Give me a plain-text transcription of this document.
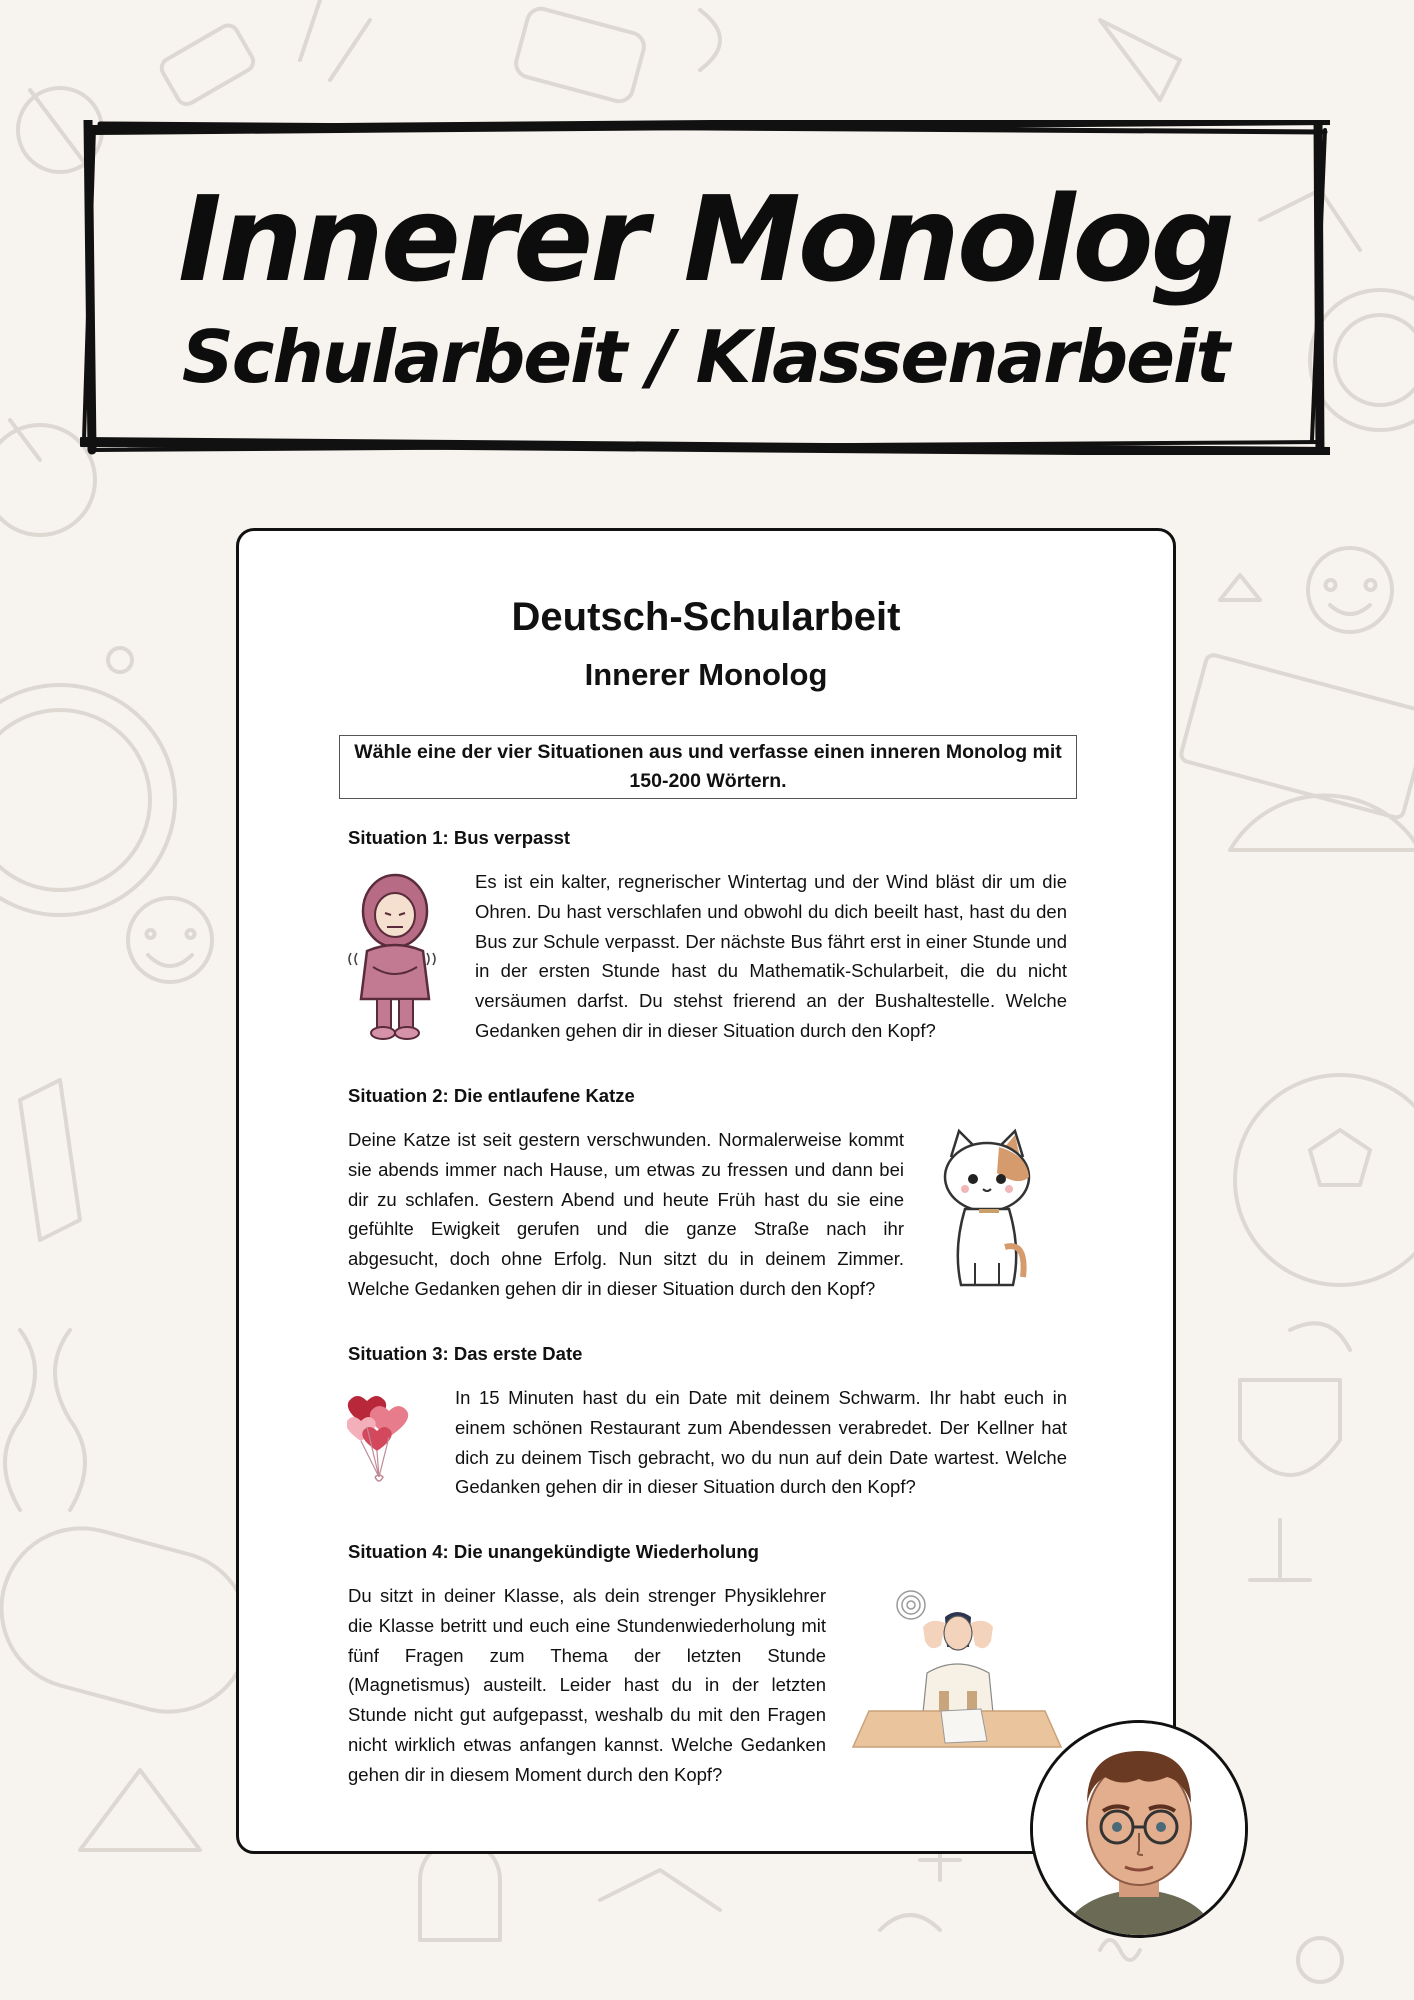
Innerer Monolog
Schularbeit / Klassenarbeit
Deutsch-Schularbeit
Innerer Monolog
Wähle eine der vier Situationen aus und verfasse einen inneren Monolog mit 150-200 Wörtern.
Situation 1: Bus verpasst

Es ist ein kalter, regnerischer Wintertag und der Wind bläst dir um die Ohren. Du hast verschlafen und obwohl du dich beeilt hast, hast du den Bus zur Schule verpasst. Der nächste Bus fährt erst in einer Stunde und in der ersten Stunde hast du Mathematik-Schularbeit, die du nicht versäumen darfst. Du stehst frierend an der Bushaltestelle. Welche Gedanken gehen dir in dieser Situation durch den Kopf?

Situation 2: Die entlaufene Katze

Deine Katze ist seit gestern verschwunden. Normalerweise kommt sie abends immer nach Hause, um etwas zu fressen und dann bei dir zu schlafen. Gestern Abend und heute Früh hast du sie eine gefühlte Ewigkeit gerufen und die ganze Straße nach ihr abgesucht, doch ohne Erfolg. Nun sitzt du in deinem Zimmer. Welche Gedanken gehen dir in dieser Situation durch den Kopf?

Situation 3: Das erste Date

In 15 Minuten hast du ein Date mit deinem Schwarm. Ihr habt euch in einem schönen Restaurant zum Abendessen verabredet. Der Kellner hat dich zu deinem Tisch gebracht, wo du nun auf dein Date wartest. Welche Gedanken gehen dir in dieser Situation durch den Kopf?

Situation 4: Die unangekündigte Wiederholung

Du sitzt in deiner Klasse, als dein strenger Physiklehrer die Klasse betritt und euch eine Stundenwiederholung mit fünf Fragen zum Thema der letzten Stunde (Magnetismus) austeilt. Leider hast du in der letzten Stunde nicht gut aufgepasst, weshalb du mit den Fragen nicht wirklich etwas anfangen kannst. Welche Gedanken gehen dir in diesem Moment durch den Kopf?
